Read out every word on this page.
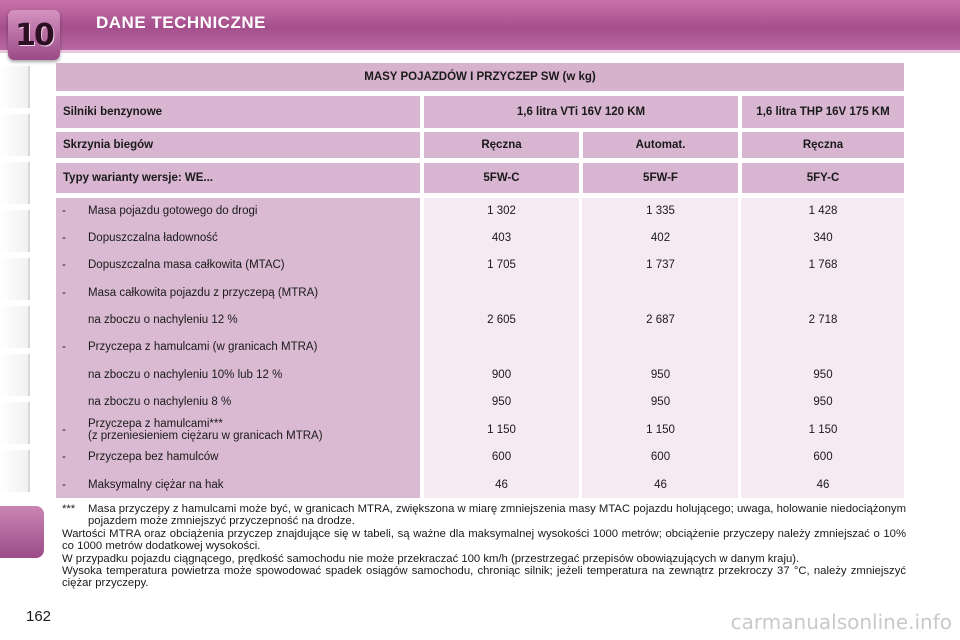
10	DANE TECHNICZNE
MASY POJAZDÓW I PRZYCZEP SW (w kg)
Silniki benzynowe	1,6 litra VTi 16V 120 KM	1,6 litra THP 16V 175 KM
Skrzynia biegów	Ręczna	Automat.	Ręczna
Typy warianty wersje: WE...	5FW-C	5FW-F	5FY-C
- Masa pojazdu gotowego do drogi	1 302	1 335	1 428
- Dopuszczalna ładowność	403	402	340
- Dopuszczalna masa całkowita (MTAC)	1 705	1 737	1 768
- Masa całkowita pojazdu z przyczepą (MTRA)
na zboczu o nachyleniu 12 %	2 605	2 687	2 718
- Przyczepa z hamulcami (w granicach MTRA)
na zboczu o nachyleniu 10% lub 12 %	900	950	950
na zboczu o nachyleniu 8 %	950	950	950
- Przyczepa z hamulcami***
(z przeniesieniem ciężaru w granicach MTRA)	1 150	1 150	1 150
- Przyczepa bez hamulców	600	600	600
- Maksymalny ciężar na hak	46	46	46
***	Masa przyczepy z hamulcami może być, w granicach MTRA, zwiększona w miarę zmniejszenia masy MTAC pojazdu holującego; uwaga, holowanie niedociążonym pojazdem może zmniejszyć przyczepność na drodze.

Wartości MTRA oraz obciążenia przyczep znajdujące się w tabeli, są ważne dla maksymalnej wysokości 1000 metrów; obciążenie przyczepy należy zmniejszać o 10% co 1000 metrów dodatkowej wysokości.

W przypadku pojazdu ciągnącego, prędkość samochodu nie może przekraczać 100 km/h (przestrzegać przepisów obowiązujących w danym kraju).

Wysoka temperatura powietrza może spowodować spadek osiągów samochodu, chroniąc silnik; jeżeli temperatura na zewnątrz przekroczy 37 °C, należy zmniejszyć ciężar przyczepy.

162	carmanualsonline.info
